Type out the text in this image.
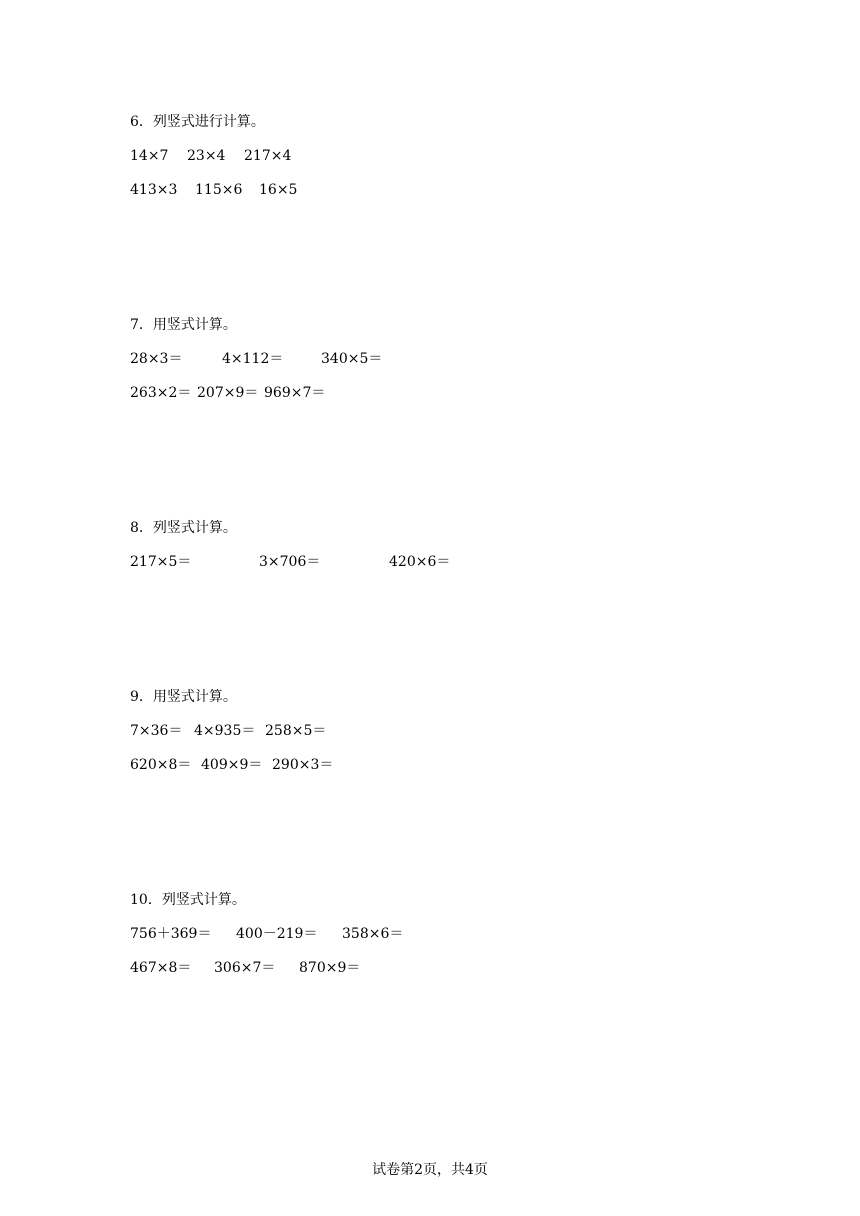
6．列竖式进行计算。
14×7 23×4 217×4
413×3 115×6 16×5
7．用竖式计算。
28×3＝	4×112＝	340×5＝
263×2＝ 207×9＝ 969×7＝
8．列竖式计算。
217×5＝	3×706＝	420×6＝
9．用竖式计算。
7×36＝ 4×935＝ 258×5＝
620×8＝ 409×9＝ 290×3＝
10．列竖式计算。
756＋369＝ 400－219＝ 358×6＝
467×8＝ 306×7＝ 870×9＝
试卷第2页，共4页
